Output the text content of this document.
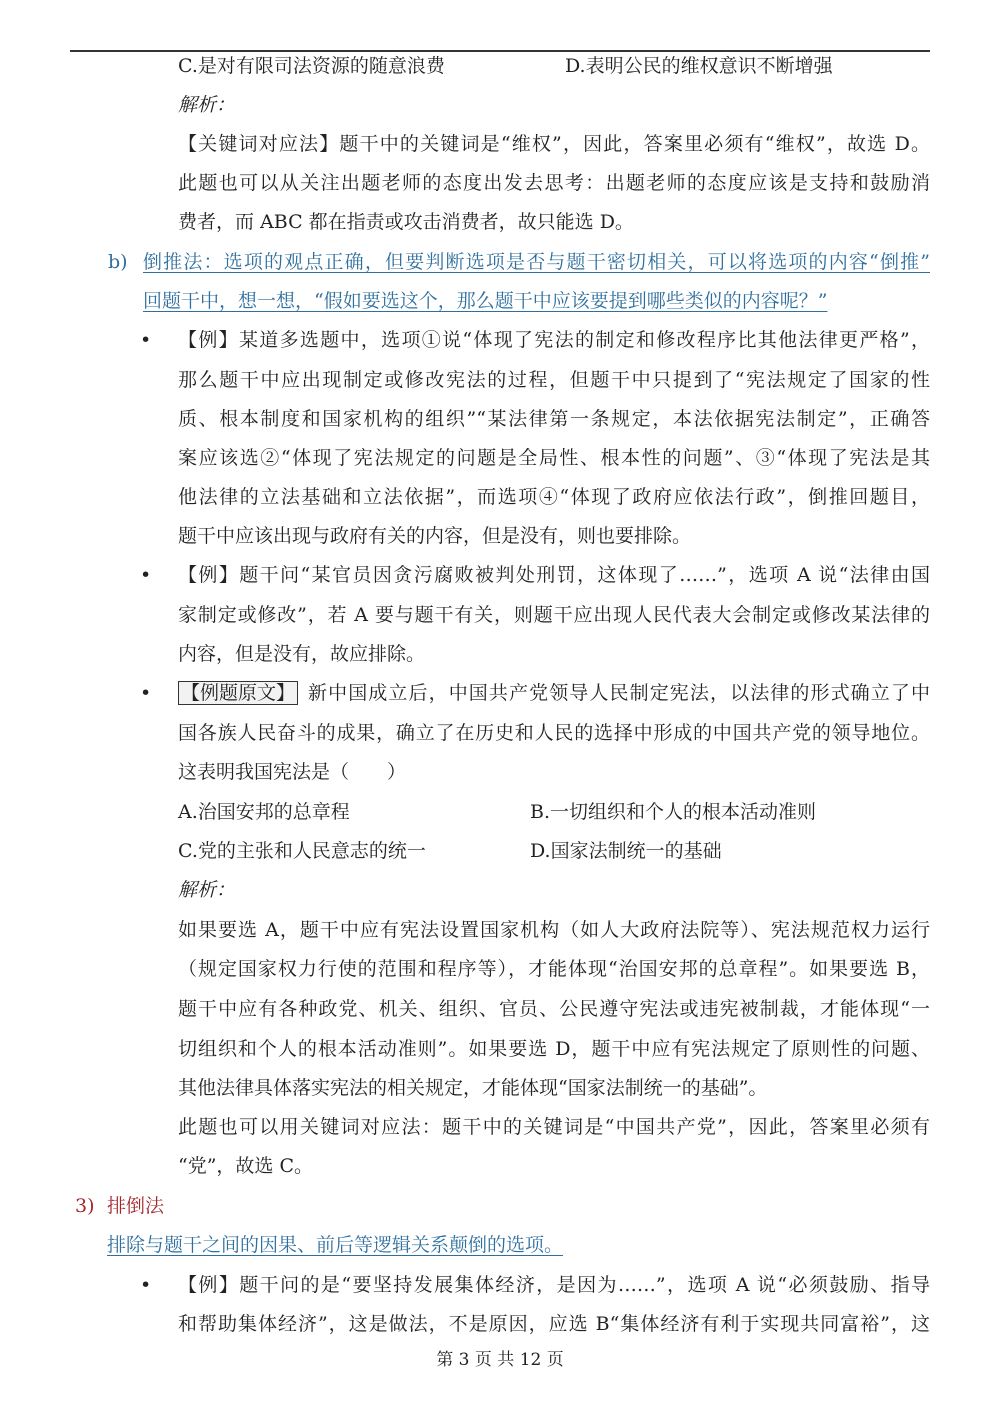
C.是对有限司法资源的随意浪费	D.表明公民的维权意识不断增强
解析：
【关键词对应法】题干中的关键词是“维权”，因此，答案里必须有“维权”，故选 D。
此题也可以从关注出题老师的态度出发去思考：出题老师的态度应该是支持和鼓励消
费者，而 ABC 都在指责或攻击消费者，故只能选 D。
b) 倒推法：选项的观点正确，但要判断选项是否与题干密切相关，可以将选项的内容“倒推”
回题干中，想一想，“假如要选这个，那么题干中应该要提到哪些类似的内容呢？”
• 【例】某道多选题中，选项①说“体现了宪法的制定和修改程序比其他法律更严格”，
那么题干中应出现制定或修改宪法的过程，但题干中只提到了“宪法规定了国家的性
质、根本制度和国家机构的组织”“某法律第一条规定，本法依据宪法制定”，正确答
案应该选②“体现了宪法规定的问题是全局性、根本性的问题”、③“体现了宪法是其
他法律的立法基础和立法依据”，而选项④“体现了政府应依法行政”，倒推回题目，
题干中应该出现与政府有关的内容，但是没有，则也要排除。
• 【例】题干问“某官员因贪污腐败被判处刑罚，这体现了……”，选项 A 说“法律由国
家制定或修改”，若 A 要与题干有关，则题干应出现人民代表大会制定或修改某法律的
内容，但是没有，故应排除。
• 【例题原文】 新中国成立后，中国共产党领导人民制定宪法，以法律的形式确立了中
国各族人民奋斗的成果，确立了在历史和人民的选择中形成的中国共产党的领导地位。
这表明我国宪法是（　　）
A.治国安邦的总章程	B.一切组织和个人的根本活动准则
C.党的主张和人民意志的统一	D.国家法制统一的基础
解析：
如果要选 A，题干中应有宪法设置国家机构（如人大政府法院等）、宪法规范权力运行
（规定国家权力行使的范围和程序等），才能体现“治国安邦的总章程”。如果要选 B，
题干中应有各种政党、机关、组织、官员、公民遵守宪法或违宪被制裁，才能体现“一
切组织和个人的根本活动准则”。如果要选 D，题干中应有宪法规定了原则性的问题、
其他法律具体落实宪法的相关规定，才能体现“国家法制统一的基础”。
此题也可以用关键词对应法：题干中的关键词是“中国共产党”，因此，答案里必须有
“党”，故选 C。
3) 排倒法
排除与题干之间的因果、前后等逻辑关系颠倒的选项。
• 【例】题干问的是“要坚持发展集体经济，是因为……”，选项 A 说“必须鼓励、指导
和帮助集体经济”，这是做法，不是原因，应选 B“集体经济有利于实现共同富裕”，这
第 3 页 共 12 页
